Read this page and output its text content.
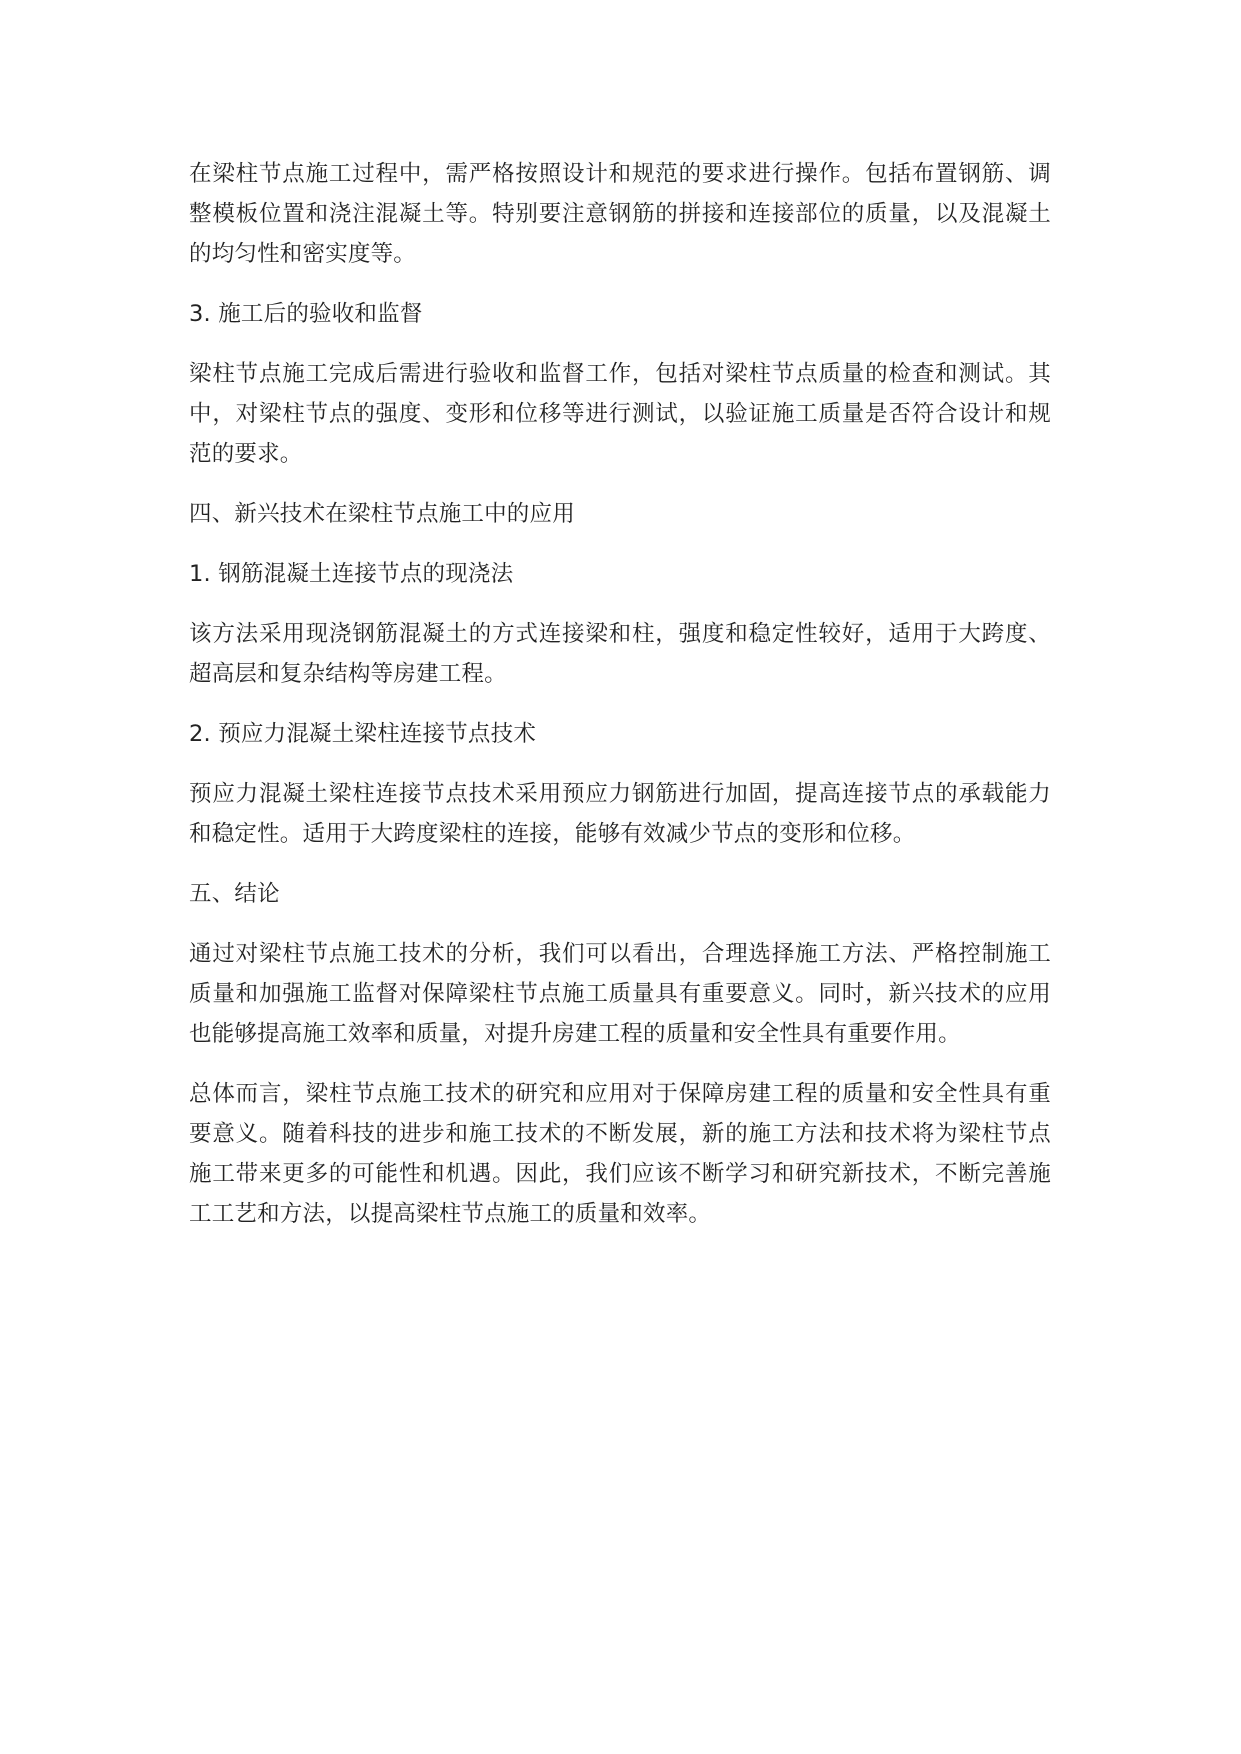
在梁柱节点施工过程中，需严格按照设计和规范的要求进行操作。包括布置钢筋、调整模板位置和浇注混凝土等。特别要注意钢筋的拼接和连接部位的质量，以及混凝土的均匀性和密实度等。

3. 施工后的验收和监督

梁柱节点施工完成后需进行验收和监督工作，包括对梁柱节点质量的检查和测试。其中，对梁柱节点的强度、变形和位移等进行测试，以验证施工质量是否符合设计和规范的要求。

四、新兴技术在梁柱节点施工中的应用

1. 钢筋混凝土连接节点的现浇法

该方法采用现浇钢筋混凝土的方式连接梁和柱，强度和稳定性较好，适用于大跨度、超高层和复杂结构等房建工程。

2. 预应力混凝土梁柱连接节点技术

预应力混凝土梁柱连接节点技术采用预应力钢筋进行加固，提高连接节点的承载能力和稳定性。适用于大跨度梁柱的连接，能够有效减少节点的变形和位移。

五、结论

通过对梁柱节点施工技术的分析，我们可以看出，合理选择施工方法、严格控制施工质量和加强施工监督对保障梁柱节点施工质量具有重要意义。同时，新兴技术的应用也能够提高施工效率和质量，对提升房建工程的质量和安全性具有重要作用。

总体而言，梁柱节点施工技术的研究和应用对于保障房建工程的质量和安全性具有重要意义。随着科技的进步和施工技术的不断发展，新的施工方法和技术将为梁柱节点施工带来更多的可能性和机遇。因此，我们应该不断学习和研究新技术，不断完善施工工艺和方法，以提高梁柱节点施工的质量和效率。
